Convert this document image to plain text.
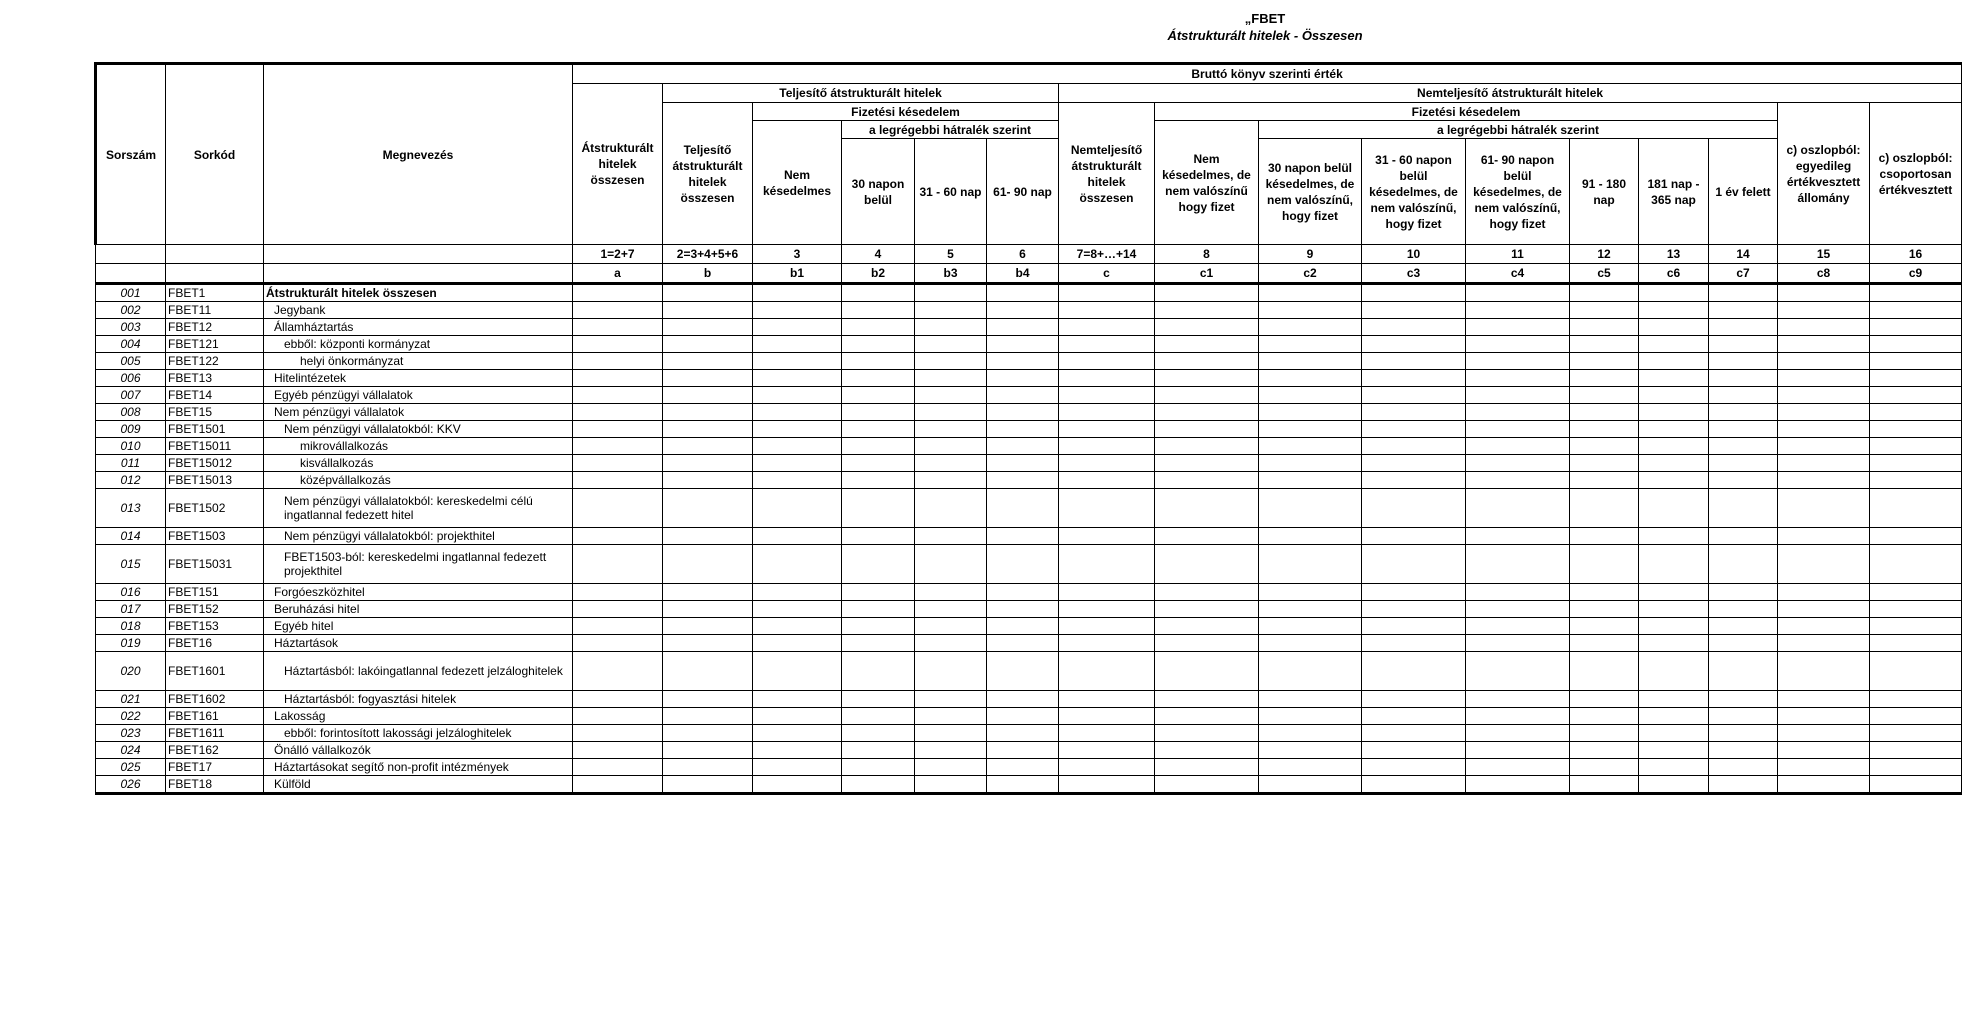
„FBET
Átstrukturált hitelek - Összesen
Sorszám	Sorkód	Megnevezés	Bruttó könyv szerinti érték															
			Átstrukturált hitelek összesen	Teljesítő átstrukturált hitelek					Nemteljesítő átstrukturált hitelek									
				Teljesítő átstrukturált hitelek összesen	Fizetési késedelem				Nemteljesítő átstrukturált hitelek összesen	Fizetési késedelem							c) oszlopból: egyedileg értékvesztett állomány	c) oszlopból: csoportosan értékvesztett
					Nem késedelmes	a legrégebbi hátralék szerint				Nem késedelmes, de nem valószínű hogy fizet	a legrégebbi hátralék szerint							
						30 napon belül	31 - 60 nap	61- 90 nap			30 napon belül késedelmes, de nem valószínű, hogy fizet	31 - 60 napon belül késedelmes, de nem valószínű, hogy fizet	61- 90 napon belül késedelmes, de nem valószínű, hogy fizet	91 - 180 nap	181 nap - 365 nap	1 év felett		
			1=2+7	2=3+4+5+6	3	4	5	6	7=8+…+14	8	9	10	11	12	13	14	15	16
			a	b	b1	b2	b3	b4	c	c1	c2	c3	c4	c5	c6	c7	c8	c9
001	FBET1	Átstrukturált hitelek összesen																
002	FBET11	Jegybank																
003	FBET12	Államháztartás																
004	FBET121	ebből: központi kormányzat																
005	FBET122	helyi önkormányzat																
006	FBET13	Hitelintézetek																
007	FBET14	Egyéb pénzügyi vállalatok																
008	FBET15	Nem pénzügyi vállalatok																
009	FBET1501	Nem pénzügyi vállalatokból: KKV																
010	FBET15011	mikrovállalkozás																
011	FBET15012	kisvállalkozás																
012	FBET15013	középvállalkozás																
013	FBET1502	Nem pénzügyi vállalatokból: kereskedelmi célú ingatlannal fedezett hitel																
014	FBET1503	Nem pénzügyi vállalatokból: projekthitel																
015	FBET15031	FBET1503-ból: kereskedelmi ingatlannal fedezett projekthitel																
016	FBET151	Forgóeszközhitel																
017	FBET152	Beruházási hitel																
018	FBET153	Egyéb hitel																
019	FBET16	Háztartások																
020	FBET1601	Háztartásból: lakóingatlannal fedezett jelzáloghitelek																
021	FBET1602	Háztartásból: fogyasztási hitelek																
022	FBET161	Lakosság																
023	FBET1611	ebből: forintosított lakossági jelzáloghitelek																
024	FBET162	Önálló vállalkozók																
025	FBET17	Háztartásokat segítő non-profit intézmények																
026	FBET18	Külföld																
